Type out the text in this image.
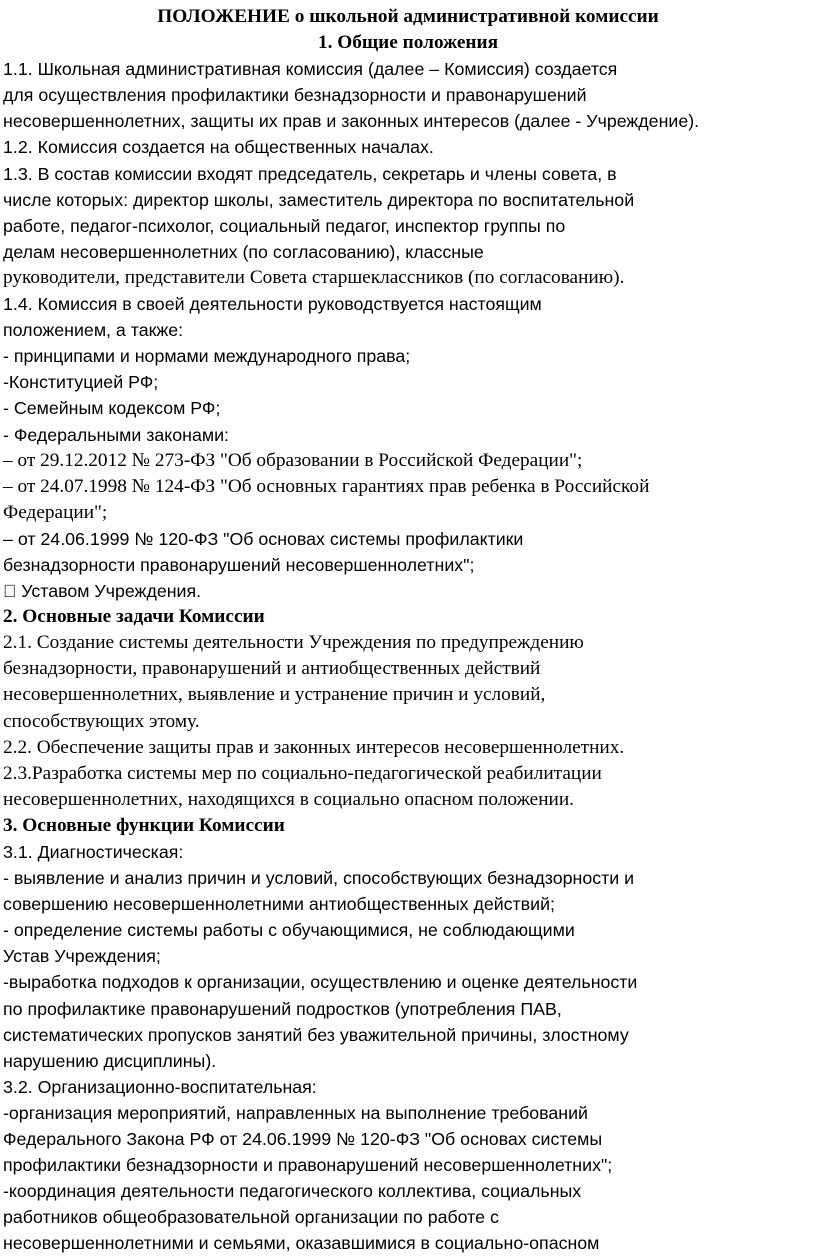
ПОЛОЖЕНИЕ о школьной административной комиссии

1. Общие положения

1.1. Школьная административная комиссия (далее – Комиссия) создается

для осуществления профилактики безнадзорности и правонарушений

несовершеннолетних, защиты их прав и законных интересов (далее - Учреждение).

1.2. Комиссия создается на общественных началах.

1.3. В состав комиссии входят председатель, секретарь и члены совета, в

числе которых: директор школы, заместитель директора по воспитательной

работе, педагог-психолог, социальный педагог, инспектор группы по

делам несовершеннолетних (по согласованию), классные

руководители, представители Совета старшеклассников (по согласованию).

1.4. Комиссия в своей деятельности руководствуется настоящим

положением, а также:

- принципами и нормами международного права;

-Конституцией РФ;

- Семейным кодексом РФ;

- Федеральными законами:

– от 29.12.2012 № 273-ФЗ "Об образовании в Российской Федерации";

– от 24.07.1998 № 124-ФЗ "Об основных гарантиях прав ребенка в Российской

Федерации";

– от 24.06.1999 № 120-ФЗ "Об основах системы профилактики

безнадзорности правонарушений несовершеннолетних";

Уставом Учреждения.

2. Основные задачи Комиссии

2.1. Создание системы деятельности Учреждения по предупреждению

безнадзорности, правонарушений и антиобщественных действий

несовершеннолетних, выявление и устранение причин и условий,

способствующих этому.

2.2. Обеспечение защиты прав и законных интересов несовершеннолетних.

2.3.Разработка системы мер по социально-педагогической реабилитации

несовершеннолетних, находящихся в социально опасном положении.

3. Основные функции Комиссии

3.1. Диагностическая:

- выявление и анализ причин и условий, способствующих безнадзорности и

совершению несовершеннолетними антиобщественных действий;

- определение системы работы с обучающимися, не соблюдающими

Устав Учреждения;

-выработка подходов к организации, осуществлению и оценке деятельности

по профилактике правонарушений подростков (употребления ПАВ,

систематических пропусков занятий без уважительной причины, злостному

нарушению дисциплины).

3.2. Организационно-воспитательная:

-организация мероприятий, направленных на выполнение требований

Федерального Закона РФ от 24.06.1999 № 120-ФЗ "Об основах системы

профилактики безнадзорности и правонарушений несовершеннолетних";

-координация деятельности педагогического коллектива, социальных

работников общеобразовательной организации по работе с

несовершеннолетними и семьями, оказавшимися в социально-опасном
